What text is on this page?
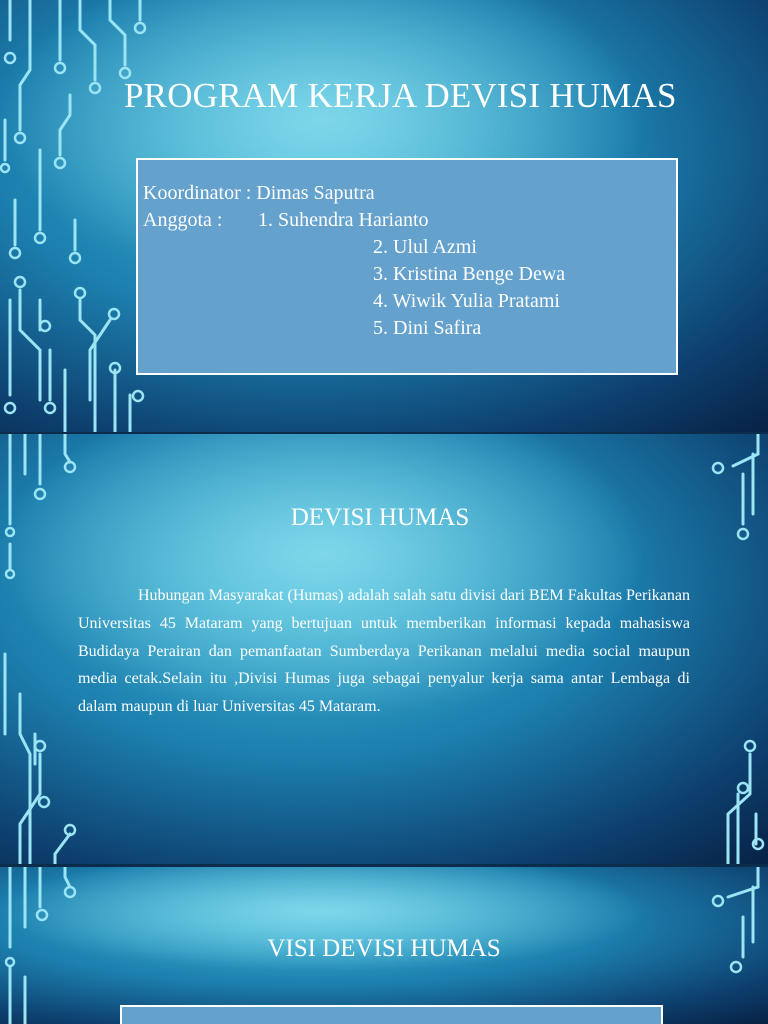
PROGRAM KERJA DEVISI HUMAS
Koordinator : Dimas Saputra
Anggota : 1. Suhendra Harianto
2. Ulul Azmi
3. Kristina Benge Dewa
4. Wiwik Yulia Pratami
5. Dini Safira
DEVISI HUMAS
Hubungan Masyarakat (Humas) adalah salah satu divisi dari BEM Fakultas Perikanan Universitas 45 Mataram yang bertujuan untuk memberikan informasi kepada mahasiswa Budidaya Perairan dan pemanfaatan Sumberdaya Perikanan melalui media social maupun media cetak.Selain itu ,Divisi Humas juga sebagai penyalur kerja sama antar Lembaga di dalam maupun di luar Universitas 45 Mataram.
VISI DEVISI HUMAS
